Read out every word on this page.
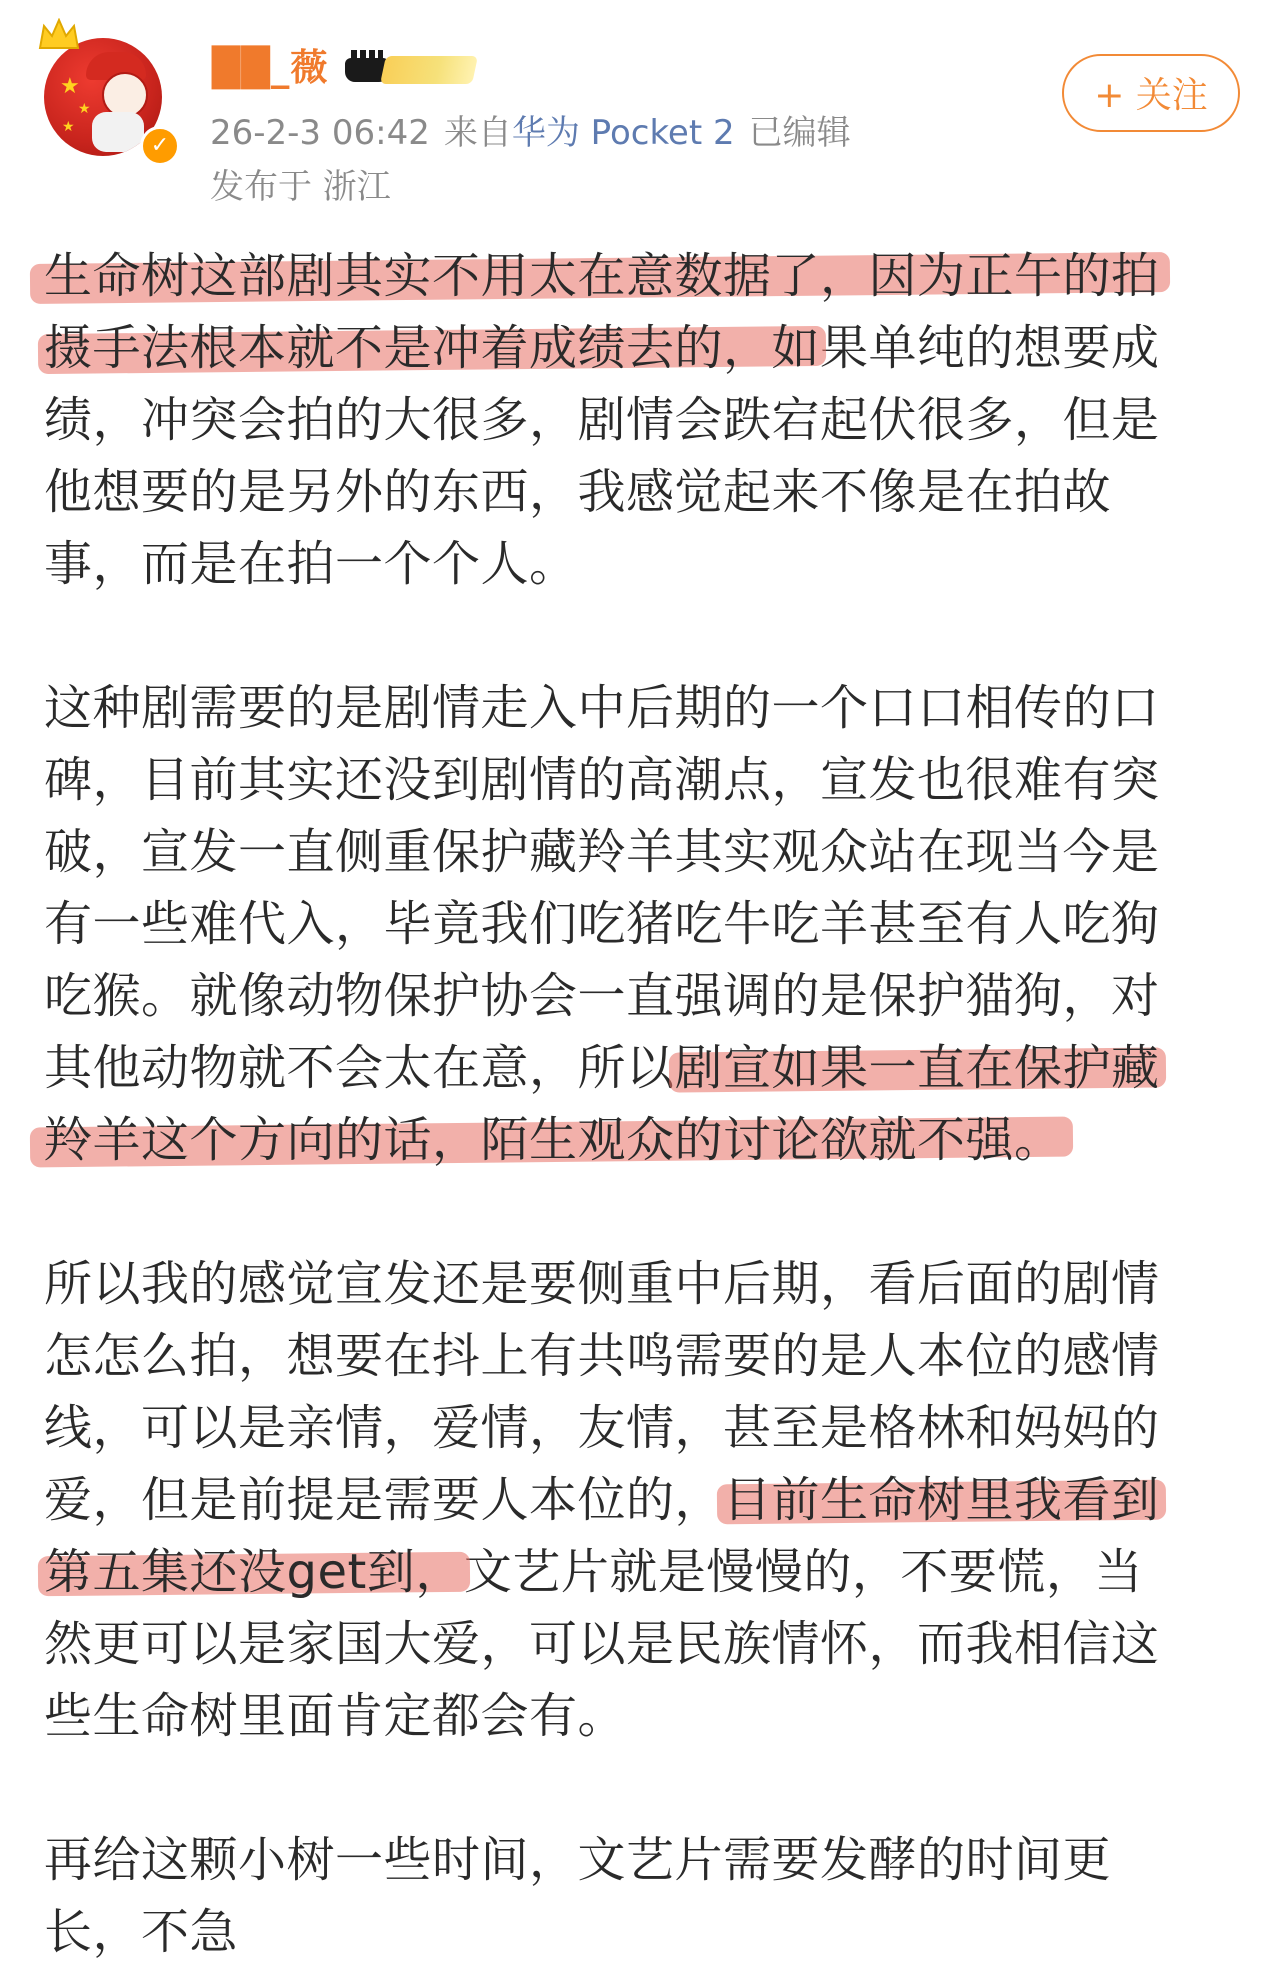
★
★
★
✓
██_薇
26-2-3 06:42 来自华为 Pocket 2 已编辑
发布于 浙江
+ 关注
生命树这部剧其实不用太在意数据了，因为正午的拍
摄手法根本就不是冲着成绩去的，如果单纯的想要成
绩，冲突会拍的大很多，剧情会跌宕起伏很多，但是
他想要的是另外的东西，我感觉起来不像是在拍故
事，而是在拍一个个人。
这种剧需要的是剧情走入中后期的一个口口相传的口
碑，目前其实还没到剧情的高潮点，宣发也很难有突
破，宣发一直侧重保护藏羚羊其实观众站在现当今是
有一些难代入，毕竟我们吃猪吃牛吃羊甚至有人吃狗
吃猴。就像动物保护协会一直强调的是保护猫狗，对
其他动物就不会太在意，所以剧宣如果一直在保护藏
羚羊这个方向的话，陌生观众的讨论欲就不强。
所以我的感觉宣发还是要侧重中后期，看后面的剧情
怎怎么拍，想要在抖上有共鸣需要的是人本位的感情
线，可以是亲情，爱情，友情，甚至是格林和妈妈的
爱，但是前提是需要人本位的，目前生命树里我看到
第五集还没get到，文艺片就是慢慢的，不要慌，当
然更可以是家国大爱，可以是民族情怀，而我相信这
些生命树里面肯定都会有。
再给这颗小树一些时间，文艺片需要发酵的时间更
长，不急
